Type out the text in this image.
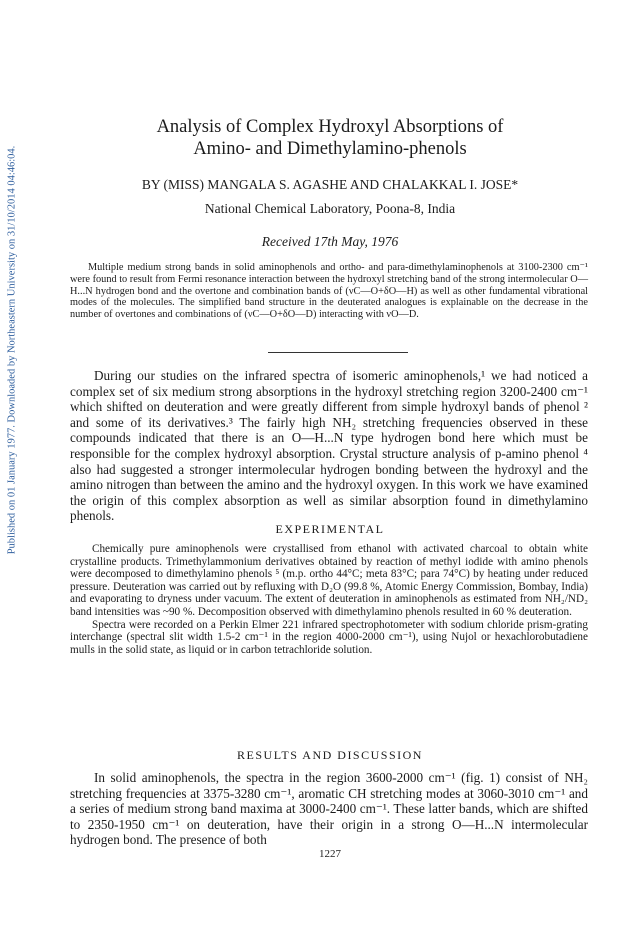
Published on 01 January 1977. Downloaded by Northeastern University on 31/10/2014 04:46:04.
Analysis of Complex Hydroxyl Absorptions of
Amino- and Dimethylamino-phenols
BY (MISS) MANGALA S. AGASHE AND CHALAKKAL I. JOSE*
National Chemical Laboratory, Poona-8, India
Received 17th May, 1976

Multiple medium strong bands in solid aminophenols and ortho- and para-dimethylaminophenols at 3100-2300 cm⁻¹ were found to result from Fermi resonance interaction between the hydroxyl stretching band of the strong intermolecular O—H...N hydrogen bond and the overtone and combination bands of (νC—O+δO—H) as well as other fundamental vibrational modes of the molecules. The simplified band structure in the deuterated analogues is explainable on the decrease in the number of overtones and combinations of (νC—O+δO—D) interacting with νO—D.

During our studies on the infrared spectra of isomeric aminophenols,¹ we had noticed a complex set of six medium strong absorptions in the hydroxyl stretching region 3200-2400 cm⁻¹ which shifted on deuteration and were greatly different from simple hydroxyl bands of phenol ² and some of its derivatives.³ The fairly high NH₂ stretching frequencies observed in these compounds indicated that there is an O—H...N type hydrogen bond here which must be responsible for the complex hydroxyl absorption. Crystal structure analysis of p-amino phenol ⁴ also had suggested a stronger intermolecular hydrogen bonding between the hydroxyl and the amino nitrogen than between the amino and the hydroxyl oxygen. In this work we have examined the origin of this complex absorption as well as similar absorption found in dimethylamino phenols.

EXPERIMENTAL

Chemically pure aminophenols were crystallised from ethanol with activated charcoal to obtain white crystalline products. Trimethylammonium derivatives obtained by reaction of methyl iodide with amino phenols were decomposed to dimethylamino phenols ⁵ (m.p. ortho 44°C; meta 83°C; para 74°C) by heating under reduced pressure. Deuteration was carried out by refluxing with D₂O (99.8 %, Atomic Energy Commission, Bombay, India) and evaporating to dryness under vacuum. The extent of deuteration in aminophenols as estimated from NH₂/ND₂ band intensities was ~90 %. Decomposition observed with dimethylamino phenols resulted in 60 % deuteration.

Spectra were recorded on a Perkin Elmer 221 infrared spectrophotometer with sodium chloride prism-grating interchange (spectral slit width 1.5-2 cm⁻¹ in the region 4000-2000 cm⁻¹), using Nujol or hexachlorobutadiene mulls in the solid state, as liquid or in carbon tetrachloride solution.

RESULTS AND DISCUSSION

In solid aminophenols, the spectra in the region 3600-2000 cm⁻¹ (fig. 1) consist of NH₂ stretching frequencies at 3375-3280 cm⁻¹, aromatic CH stretching modes at 3060-3010 cm⁻¹ and a series of medium strong band maxima at 3000-2400 cm⁻¹. These latter bands, which are shifted to 2350-1950 cm⁻¹ on deuteration, have their origin in a strong O—H...N intermolecular hydrogen bond. The presence of both

1227
